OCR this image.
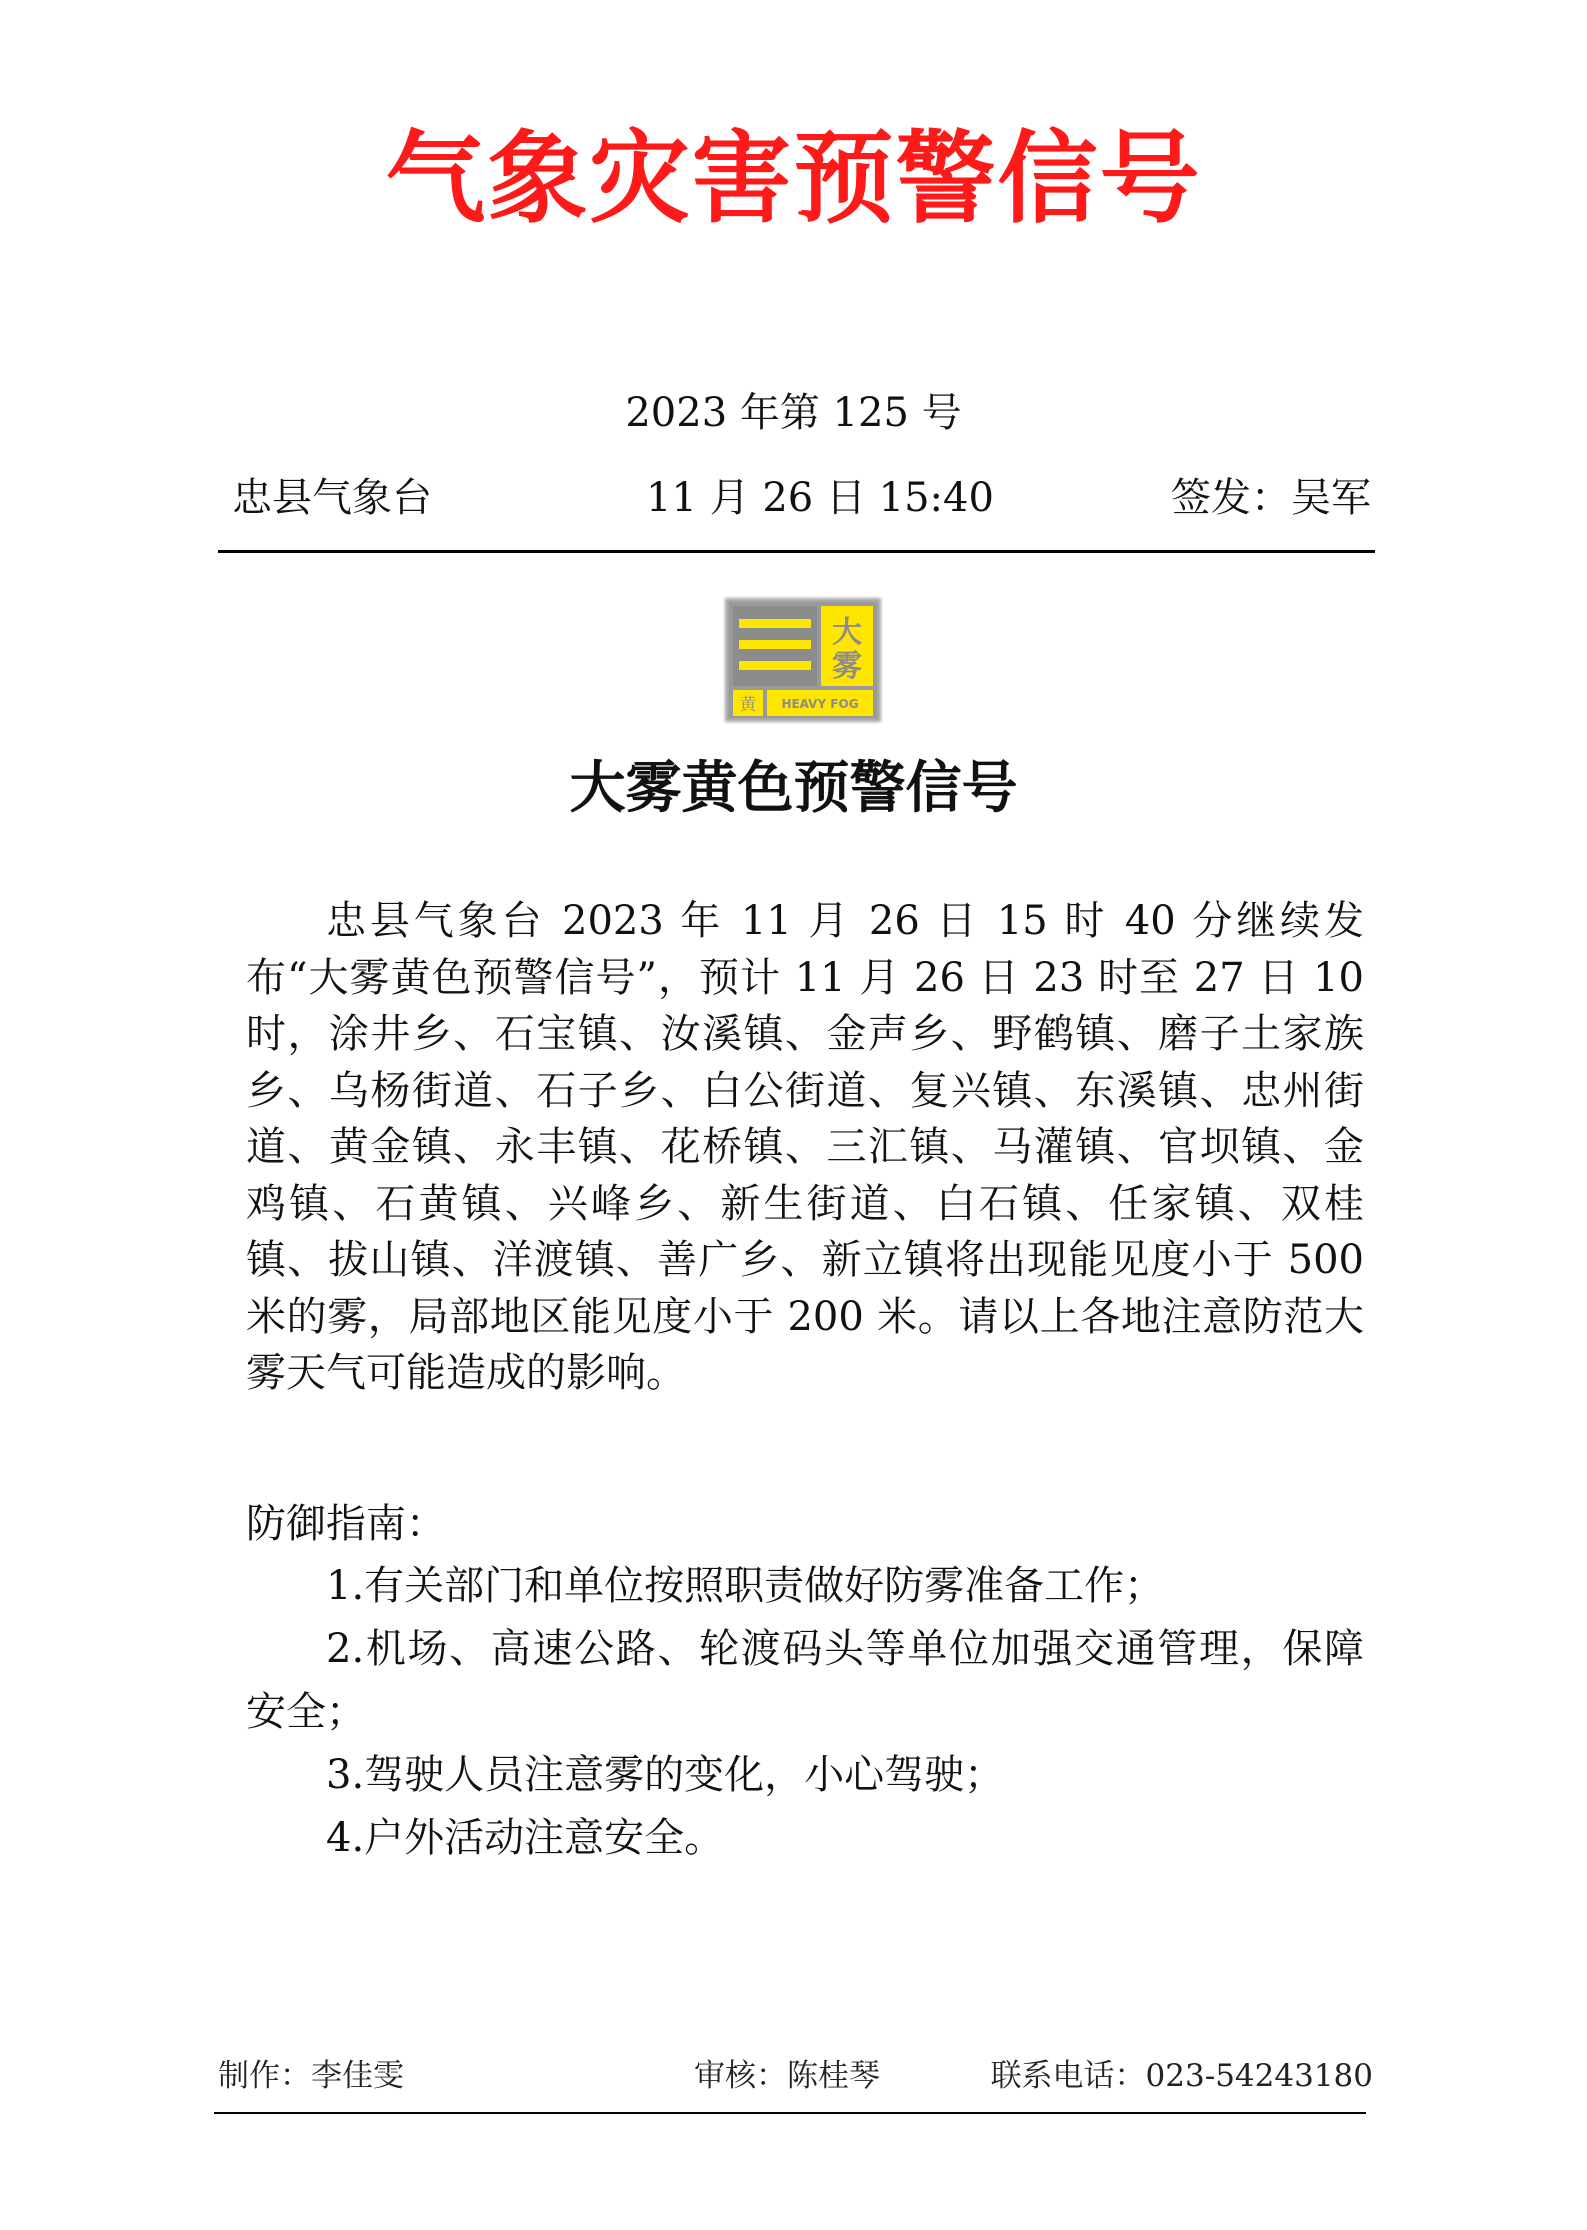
气象灾害预警信号
2023 年第 125 号
忠县气象台	11 月 26 日 15:40	签发：吴军
大
雾
黄 HEAVY FOG
大雾黄色预警信号
忠县气象台 2023 年 11 月 26 日 15 时 40 分继续发布“大雾黄色预警信号”，预计 11 月 26 日 23 时至 27 日 10 时，涂井乡、石宝镇、汝溪镇、金声乡、野鹤镇、磨子土家族乡、乌杨街道、石子乡、白公街道、复兴镇、东溪镇、忠州街道、黄金镇、永丰镇、花桥镇、三汇镇、马灌镇、官坝镇、金鸡镇、石黄镇、兴峰乡、新生街道、白石镇、任家镇、双桂镇、拔山镇、洋渡镇、善广乡、新立镇将出现能见度小于 500 米的雾，局部地区能见度小于 200 米。请以上各地注意防范大雾天气可能造成的影响。
防御指南：

1.有关部门和单位按照职责做好防雾准备工作；

2.机场、高速公路、轮渡码头等单位加强交通管理，保障安全；

3.驾驶人员注意雾的变化，小心驾驶；

4.户外活动注意安全。

制作：李佳雯	审核：陈桂琴	联系电话：023-54243180
